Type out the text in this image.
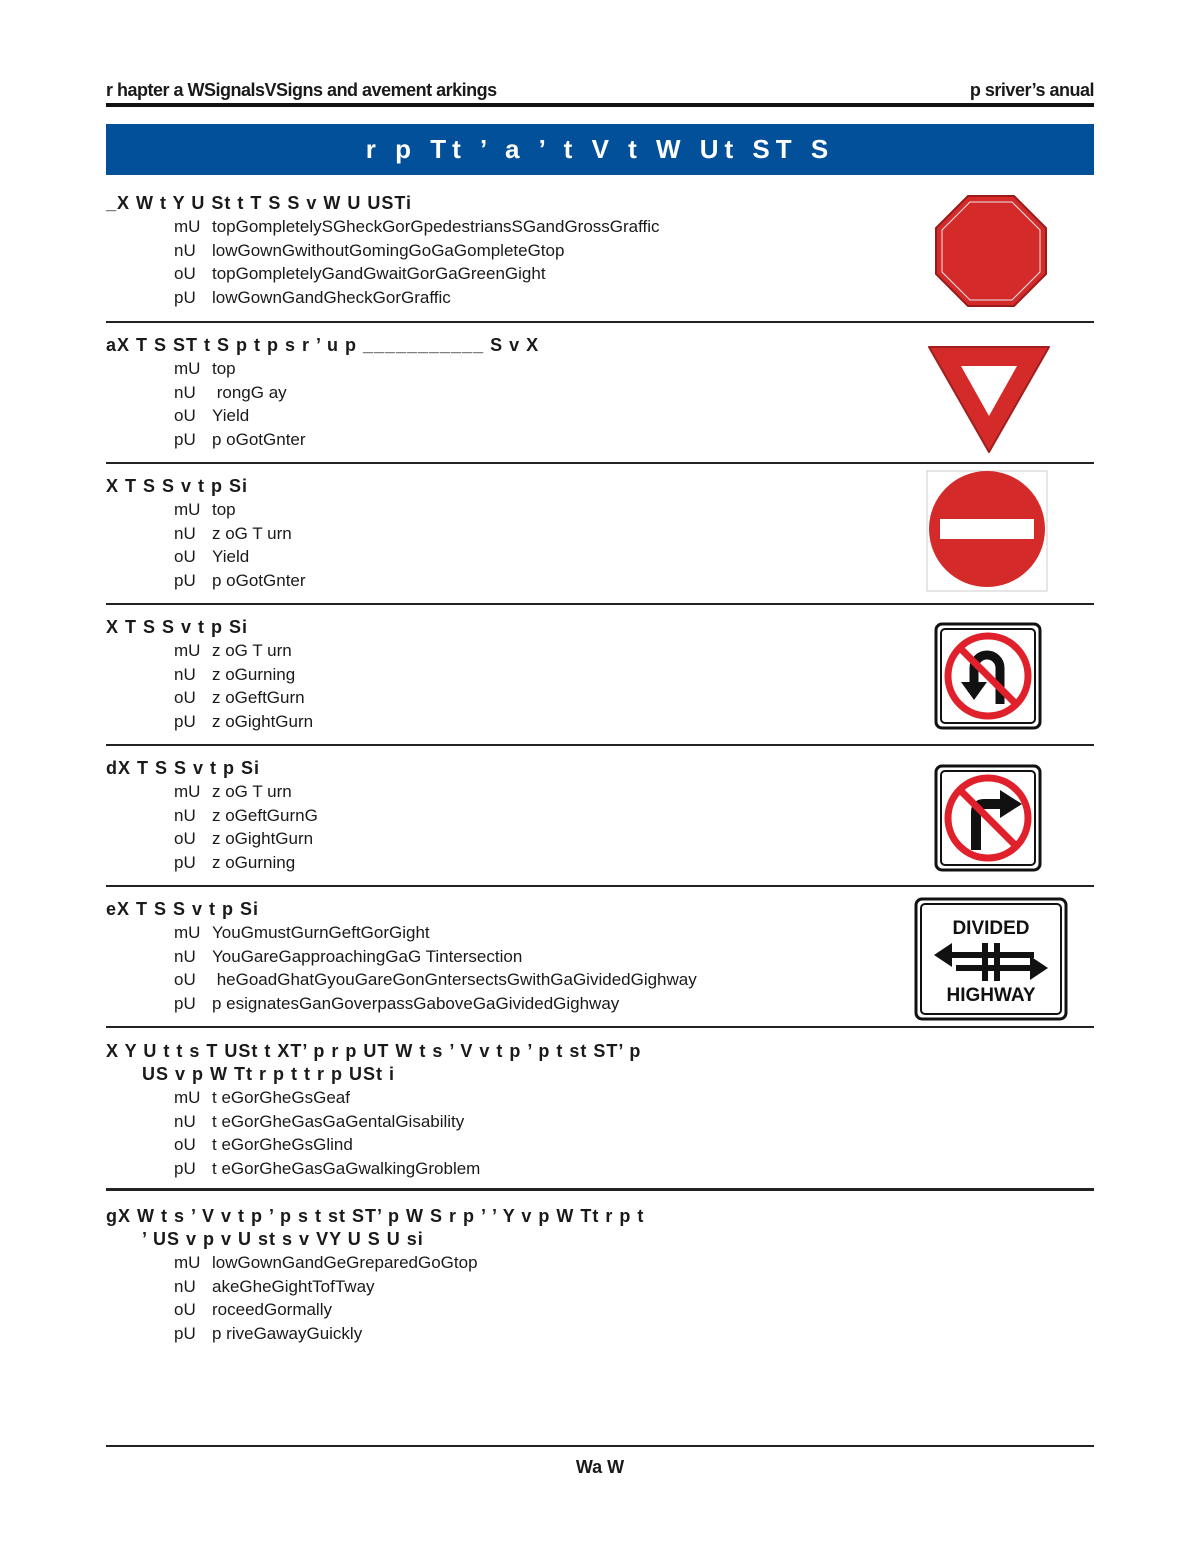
r hapter a WSignalsVSigns and avement arkings	p sriver’s anual
r p Tt ’ a ’ t V t W Ut ST S
_X W t Y U St t T S S v W U USTi
mU topGompletelySGheckGorGpedestriansSGandGrossGraffic
nU lowGownGwithoutGomingGoGaGompleteGtop
oU topGompletelyGandGwaitGorGaGreenGight
pU lowGownGandGheckGorGraffic
aX T S ST t S p t p s r ’ u p ___________ S v X
mU top
nU rongG ay
oU Yield
pU p oGotGnter
X T S S v t p Si
mU top
nU z oG T urn
oU Yield
pU p oGotGnter
X T S S v t p Si
mU z oG T urn
nU z oGurning
oU z oGeftGurn
pU z oGightGurn
dX T S S v t p Si
mU z oG T urn
nU z oGeftGurnG
oU z oGightGurn
pU z oGurning
eX T S S v t p Si
mU YouGmustGurnGeftGorGight
nU YouGareGapproachingGaG Tintersection
oU heGoadGhatGyouGareGonGntersectsGwithGaGividedGighway
pU p esignatesGanGoverpassGaboveGaGividedGighway
DIVIDED
HIGHWAY
X Y U t t s T USt t XT’ p r p UT W t s ’ V v t p ’ p t st ST’ p
US v p W Tt r p t t r p USt i
mU t eGorGheGsGeaf
nU t eGorGheGasGaGentalGisability
oU t eGorGheGsGlind
pU t eGorGheGasGaGwalkingGroblem
gX W t s ’ V v t p ’ p s t st ST’ p W S r p ’ ’ Y v p W Tt r p t
’ US v p v U st s v VY U S U si
mU lowGownGandGeGreparedGoGtop
nU akeGheGightTofTway
oU roceedGormally
pU p riveGawayGuickly
Wa W
